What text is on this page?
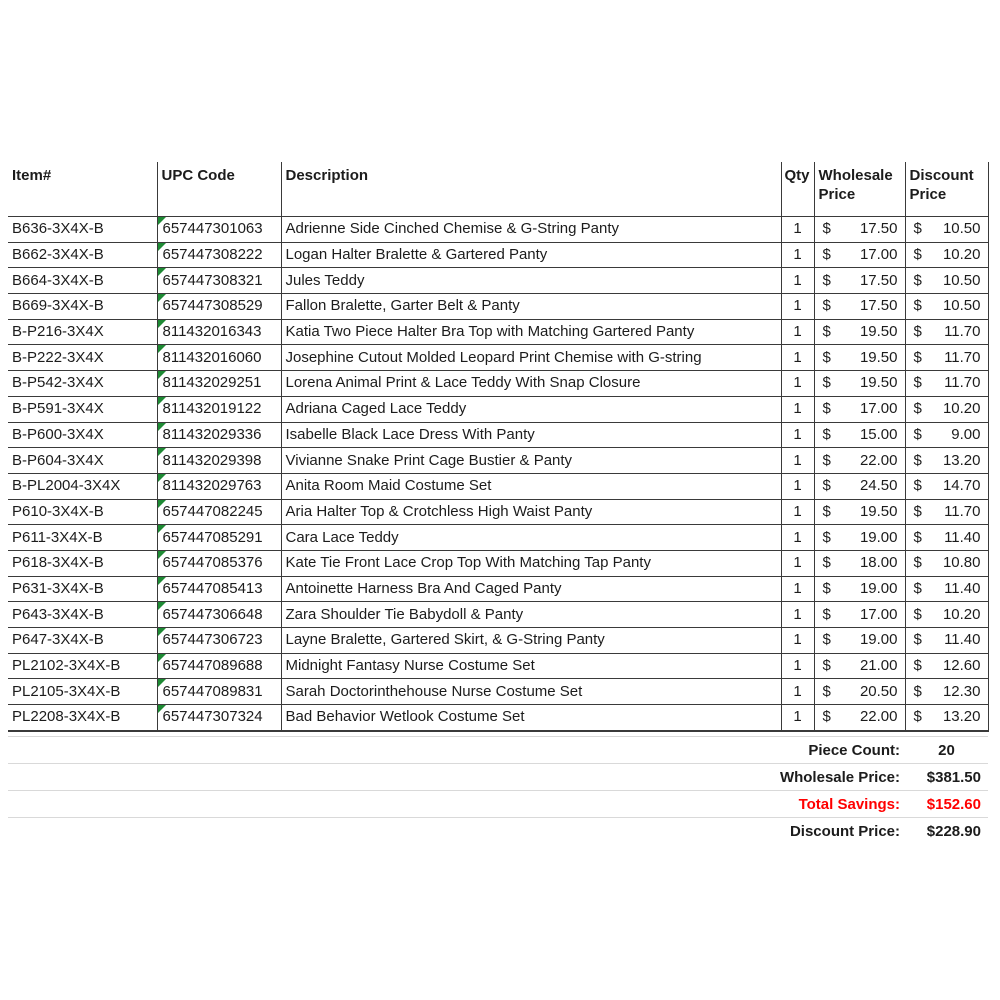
Item#	UPC Code	Description	Qty	Wholesale Price	Discount Price
B636-3X4X-B	657447301063	Adrienne Side Cinched Chemise & G-String Panty	1	$ 17.50	$ 10.50
B662-3X4X-B	657447308222	Logan Halter Bralette & Gartered Panty	1	$ 17.00	$ 10.20
B664-3X4X-B	657447308321	Jules Teddy	1	$ 17.50	$ 10.50
B669-3X4X-B	657447308529	Fallon Bralette, Garter Belt & Panty	1	$ 17.50	$ 10.50
B-P216-3X4X	811432016343	Katia Two Piece Halter Bra Top with Matching Gartered Panty	1	$ 19.50	$ 11.70
B-P222-3X4X	811432016060	Josephine Cutout Molded Leopard Print Chemise with G-string	1	$ 19.50	$ 11.70
B-P542-3X4X	811432029251	Lorena Animal Print & Lace Teddy With Snap Closure	1	$ 19.50	$ 11.70
B-P591-3X4X	811432019122	Adriana Caged Lace Teddy	1	$ 17.00	$ 10.20
B-P600-3X4X	811432029336	Isabelle Black Lace Dress With Panty	1	$ 15.00	$ 9.00
B-P604-3X4X	811432029398	Vivianne Snake Print Cage Bustier & Panty	1	$ 22.00	$ 13.20
B-PL2004-3X4X	811432029763	Anita Room Maid Costume Set	1	$ 24.50	$ 14.70
P610-3X4X-B	657447082245	Aria Halter Top & Crotchless High Waist Panty	1	$ 19.50	$ 11.70
P611-3X4X-B	657447085291	Cara Lace Teddy	1	$ 19.00	$ 11.40
P618-3X4X-B	657447085376	Kate Tie Front Lace Crop Top With Matching Tap Panty	1	$ 18.00	$ 10.80
P631-3X4X-B	657447085413	Antoinette Harness Bra And Caged Panty	1	$ 19.00	$ 11.40
P643-3X4X-B	657447306648	Zara Shoulder Tie Babydoll & Panty	1	$ 17.00	$ 10.20
P647-3X4X-B	657447306723	Layne Bralette, Gartered Skirt, & G-String Panty	1	$ 19.00	$ 11.40
PL2102-3X4X-B	657447089688	Midnight Fantasy Nurse Costume Set	1	$ 21.00	$ 12.60
PL2105-3X4X-B	657447089831	Sarah Doctorinthehouse Nurse Costume Set	1	$ 20.50	$ 12.30
PL2208-3X4X-B	657447307324	Bad Behavior Wetlook Costume Set	1	$ 22.00	$ 13.20

		Piece Count:	20
		Wholesale Price:	$381.50
		Total Savings:	$152.60
		Discount Price:	$228.90
